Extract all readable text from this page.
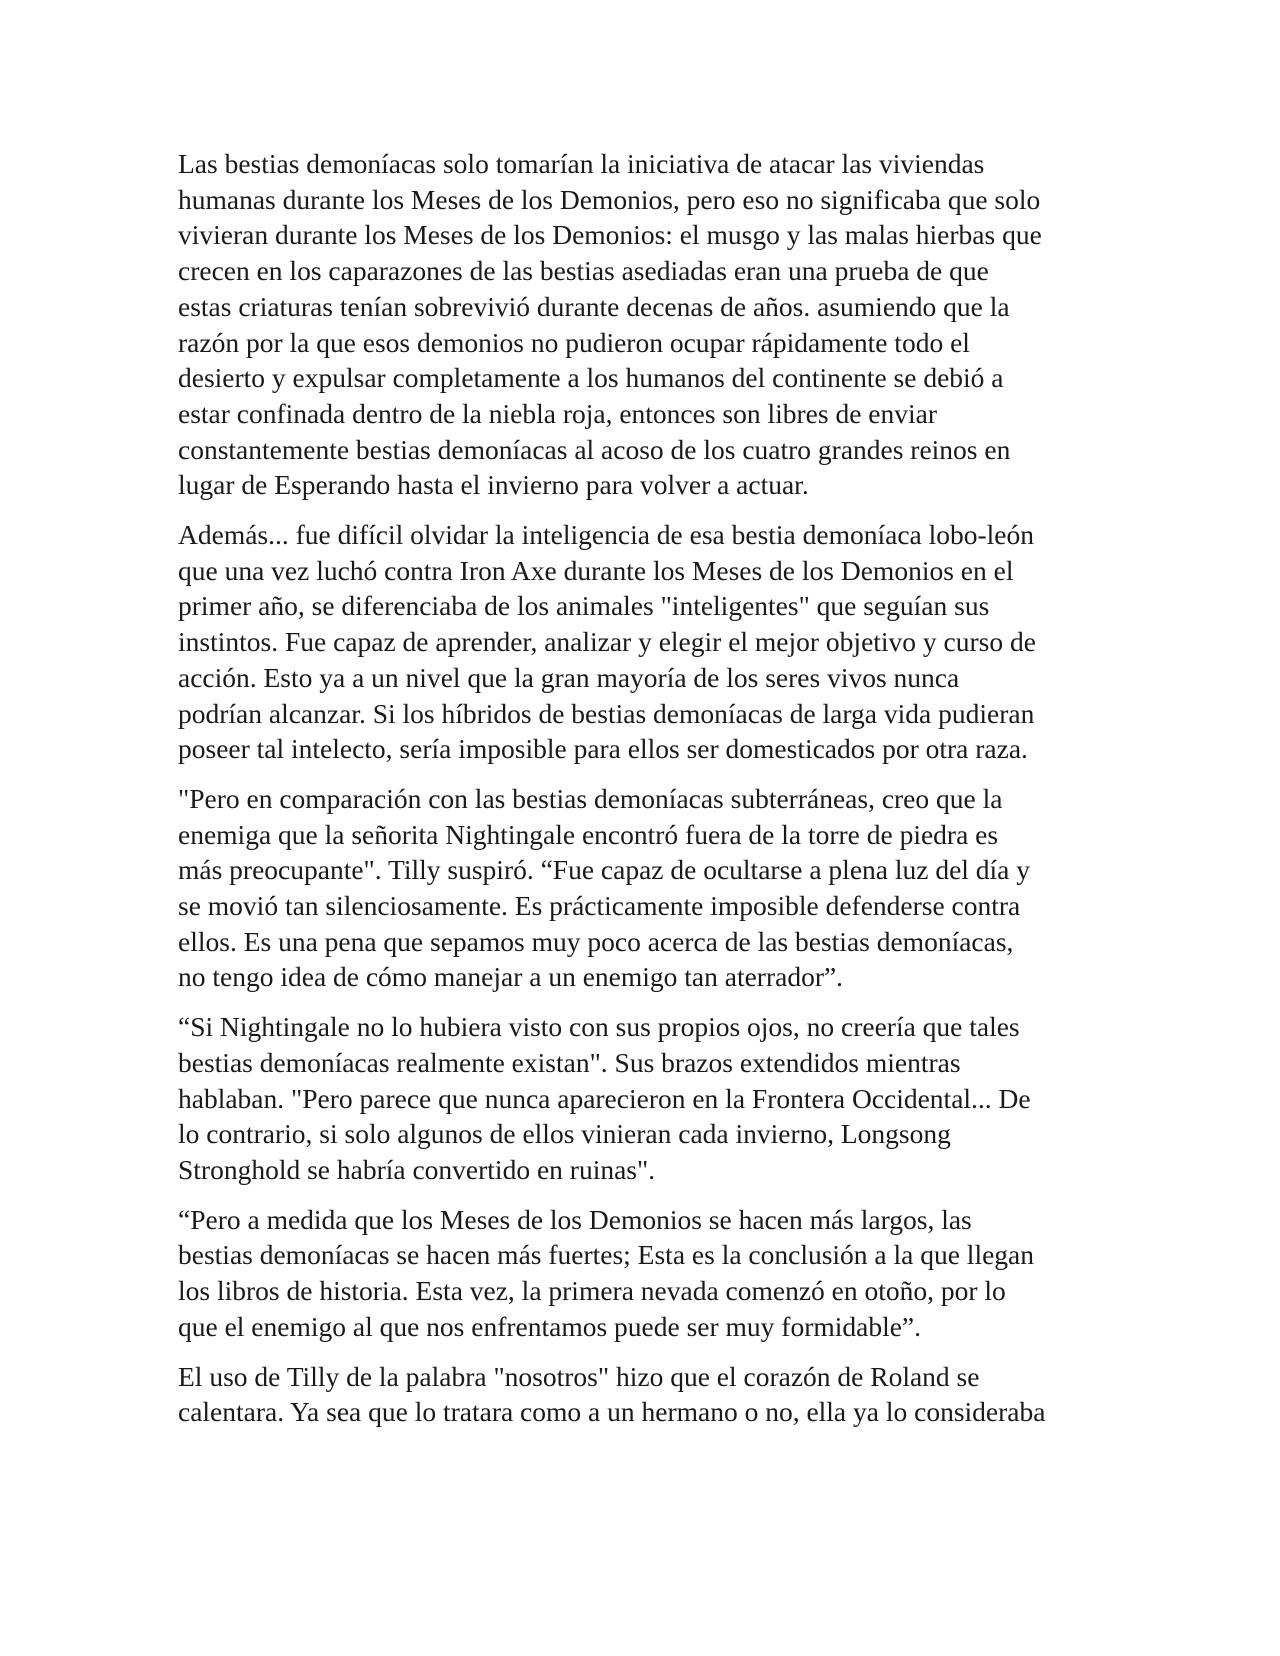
Las bestias demoníacas solo tomarían la iniciativa de atacar las viviendas
humanas durante los Meses de los Demonios, pero eso no significaba que solo
vivieran durante los Meses de los Demonios: el musgo y las malas hierbas que
crecen en los caparazones de las bestias asediadas eran una prueba de que
estas criaturas tenían sobrevivió durante decenas de años. asumiendo que la
razón por la que esos demonios no pudieron ocupar rápidamente todo el
desierto y expulsar completamente a los humanos del continente se debió a
estar confinada dentro de la niebla roja, entonces son libres de enviar
constantemente bestias demoníacas al acoso de los cuatro grandes reinos en
lugar de Esperando hasta el invierno para volver a actuar.

Además... fue difícil olvidar la inteligencia de esa bestia demoníaca lobo-león
que una vez luchó contra Iron Axe durante los Meses de los Demonios en el
primer año, se diferenciaba de los animales "inteligentes" que seguían sus
instintos. Fue capaz de aprender, analizar y elegir el mejor objetivo y curso de
acción. Esto ya a un nivel que la gran mayoría de los seres vivos nunca
podrían alcanzar. Si los híbridos de bestias demoníacas de larga vida pudieran
poseer tal intelecto, sería imposible para ellos ser domesticados por otra raza.

"Pero en comparación con las bestias demoníacas subterráneas, creo que la
enemiga que la señorita Nightingale encontró fuera de la torre de piedra es
más preocupante". Tilly suspiró. “Fue capaz de ocultarse a plena luz del día y
se movió tan silenciosamente. Es prácticamente imposible defenderse contra
ellos. Es una pena que sepamos muy poco acerca de las bestias demoníacas,
no tengo idea de cómo manejar a un enemigo tan aterrador”.

“Si Nightingale no lo hubiera visto con sus propios ojos, no creería que tales
bestias demoníacas realmente existan". Sus brazos extendidos mientras
hablaban. "Pero parece que nunca aparecieron en la Frontera Occidental... De
lo contrario, si solo algunos de ellos vinieran cada invierno, Longsong
Stronghold se habría convertido en ruinas".

“Pero a medida que los Meses de los Demonios se hacen más largos, las
bestias demoníacas se hacen más fuertes; Esta es la conclusión a la que llegan
los libros de historia. Esta vez, la primera nevada comenzó en otoño, por lo
que el enemigo al que nos enfrentamos puede ser muy formidable”.

El uso de Tilly de la palabra "nosotros" hizo que el corazón de Roland se
calentara. Ya sea que lo tratara como a un hermano o no, ella ya lo consideraba
